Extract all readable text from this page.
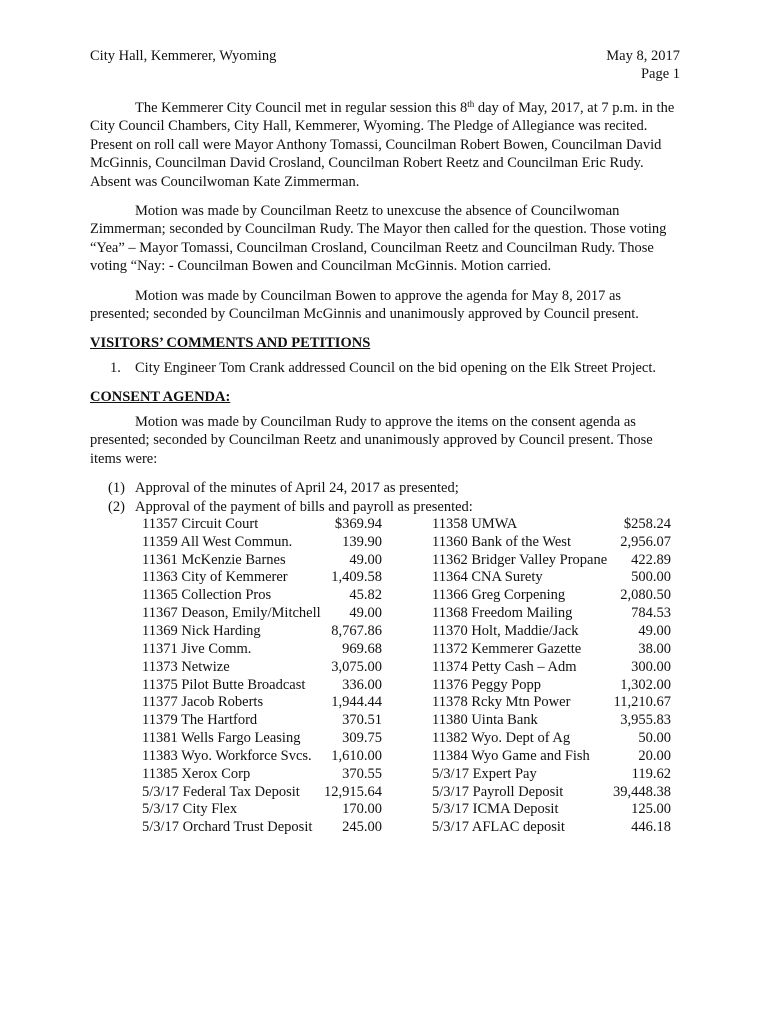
City Hall, Kemmerer, Wyoming	May 8, 2017
Page 1

The Kemmerer City Council met in regular session this 8th day of May, 2017, at 7 p.m. in the City Council Chambers, City Hall, Kemmerer, Wyoming. The Pledge of Allegiance was recited. Present on roll call were Mayor Anthony Tomassi, Councilman Robert Bowen, Councilman David McGinnis, Councilman David Crosland, Councilman Robert Reetz and Councilman Eric Rudy. Absent was Councilwoman Kate Zimmerman.

Motion was made by Councilman Reetz to unexcuse the absence of Councilwoman Zimmerman; seconded by Councilman Rudy. The Mayor then called for the question. Those voting “Yea” – Mayor Tomassi, Councilman Crosland, Councilman Reetz and Councilman Rudy. Those voting “Nay: - Councilman Bowen and Councilman McGinnis. Motion carried.

Motion was made by Councilman Bowen to approve the agenda for May 8, 2017 as presented; seconded by Councilman McGinnis and unanimously approved by Council present.

VISITORS’ COMMENTS AND PETITIONS
1. City Engineer Tom Crank addressed Council on the bid opening on the Elk Street Project.
CONSENT AGENDA:

Motion was made by Councilman Rudy to approve the items on the consent agenda as presented; seconded by Councilman Reetz and unanimously approved by Council present. Those items were:

(1) Approval of the minutes of April 24, 2017 as presented;
(2) Approval of the payment of bills and payroll as presented:
11357 Circuit Court	$369.94	11358 UMWA	$258.24
11359 All West Commun.	139.90	11360 Bank of the West	2,956.07
11361 McKenzie Barnes	49.00	11362 Bridger Valley Propane 422.89
11363 City of Kemmerer	1,409.58	11364 CNA Surety	500.00
11365 Collection Pros	45.82	11366 Greg Corpening	2,080.50
11367 Deason, Emily/Mitchell 49.00	11368 Freedom Mailing	784.53
11369 Nick Harding	8,767.86	11370 Holt, Maddie/Jack	49.00
11371 Jive Comm.	969.68	11372 Kemmerer Gazette	38.00
11373 Netwize	3,075.00	11374 Petty Cash – Adm	300.00
11375 Pilot Butte Broadcast	336.00	11376 Peggy Popp	1,302.00
11377 Jacob Roberts	1,944.44	11378 Rcky Mtn Power	11,210.67
11379 The Hartford	370.51	11380 Uinta Bank	3,955.83
11381 Wells Fargo Leasing	309.75	11382 Wyo. Dept of Ag	50.00
11383 Wyo. Workforce Svcs. 1,610.00	11384 Wyo Game and Fish	20.00
11385 Xerox Corp	370.55	5/3/17 Expert Pay	119.62
5/3/17 Federal Tax Deposit 12,915.64	5/3/17 Payroll Deposit	39,448.38
5/3/17 City Flex	170.00	5/3/17 ICMA Deposit	125.00
5/3/17 Orchard Trust Deposit 245.00	5/3/17 AFLAC deposit	446.18
